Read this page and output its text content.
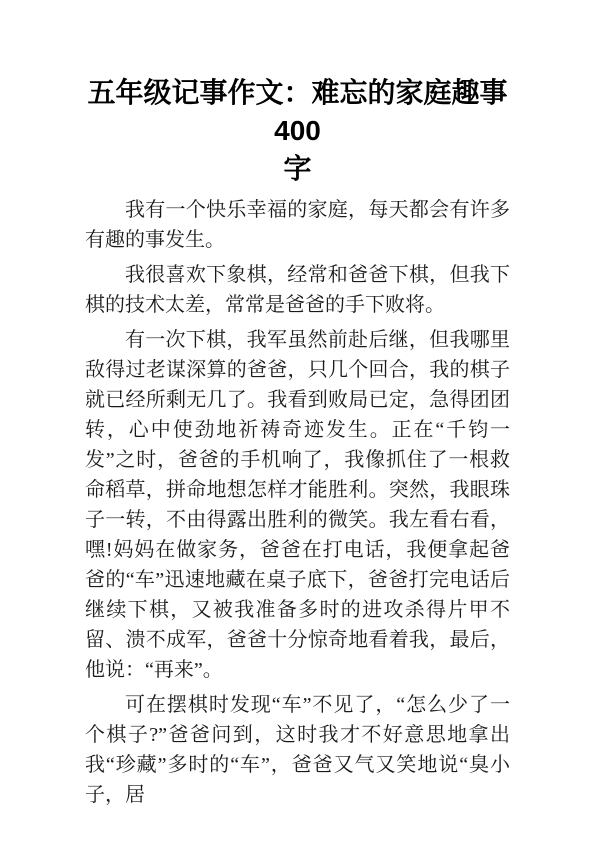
五年级记事作文：难忘的家庭趣事 400
字

我有一个快乐幸福的家庭，每天都会有许多有趣的事发生。

我很喜欢下象棋，经常和爸爸下棋，但我下棋的技术太差，常常是爸爸的手下败将。

有一次下棋，我军虽然前赴后继，但我哪里敌得过老谋深算的爸爸，只几个回合，我的棋子就已经所剩无几了。我看到败局已定，急得团团转，心中使劲地祈祷奇迹发生。正在“千钧一发”之时，爸爸的手机响了，我像抓住了一根救命稻草，拼命地想怎样才能胜利。突然，我眼珠子一转，不由得露出胜利的微笑。我左看右看，嘿!妈妈在做家务，爸爸在打电话，我便拿起爸爸的“车”迅速地藏在桌子底下，爸爸打完电话后继续下棋，又被我准备多时的进攻杀得片甲不留、溃不成军，爸爸十分惊奇地看着我，最后，他说：“再来”。

可在摆棋时发现“车”不见了，“怎么少了一个棋子?”爸爸问到，这时我才不好意思地拿出我“珍藏”多时的“车”，爸爸又气又笑地说“臭小子，居
